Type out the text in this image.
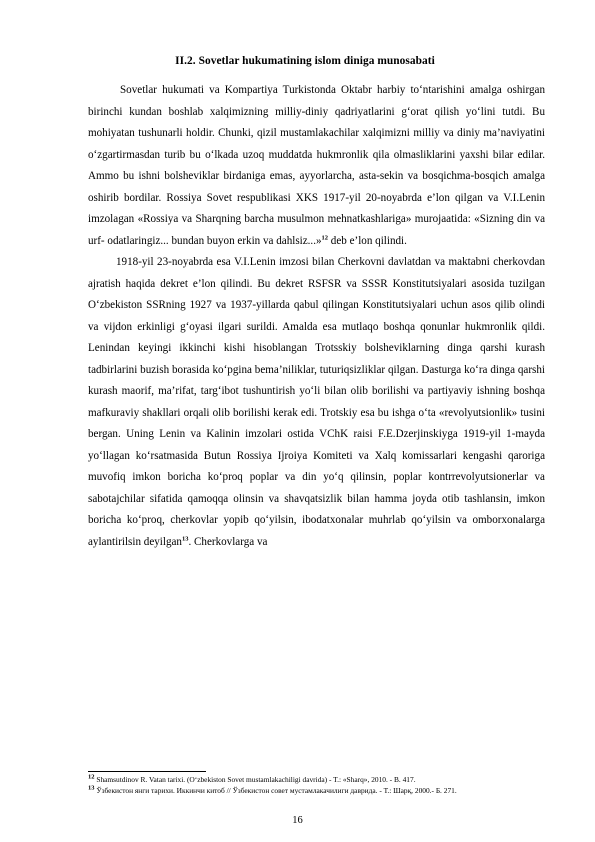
II.2. Sovetlar hukumatining islom diniga munosabati

Sovetlar hukumati va Kompartiya Turkistonda Oktabr harbiy to‘ntarishini amalga oshirgan birinchi kundan boshlab xalqimizning milliy-diniy qadriyatlarini g‘orat qilish yo‘lini tutdi. Bu mohiyatan tushunarli holdir. Chunki, qizil mustamlakachilar xalqimizni milliy va diniy ma’naviyatini o‘zgartirmasdan turib bu o‘lkada uzoq muddatda hukmronlik qila olmasliklarini yaxshi bilar edilar. Ammo bu ishni bolsheviklar birdaniga emas, ayyorlarcha, asta-sekin va bosqichma-bosqich amalga oshirib bordilar. Rossiya Sovet respublikasi XKS 1917-yil 20-noyabrda e’lon qilgan va V.I.Lenin imzolagan «Rossiya va Sharqning barcha musulmon mehnatkashlariga» murojaatida: «Sizning din va urf- odatlaringiz... bundan buyon erkin va dahlsiz...»$^{12}$ deb e’lon qilindi.

1918-yil 23-noyabrda esa V.I.Lenin imzosi bilan Cherkovni davlatdan va maktabni cherkovdan ajratish haqida dekret e’lon qilindi. Bu dekret RSFSR va SSSR Konstitutsiyalari asosida tuzilgan O‘zbekiston SSRning 1927 va 1937-yillarda qabul qilingan Konstitutsiyalari uchun asos qilib olindi va vijdon erkinligi g‘oyasi ilgari surildi. Amalda esa mutlaqo boshqa qonunlar hukmronlik qildi. Lenindan keyingi ikkinchi kishi hisoblangan Trotsskiy bolsheviklarning dinga qarshi kurash tadbirlarini buzish borasida ko‘pgina bema’niliklar, tuturiqsizliklar qilgan. Dasturga ko‘ra dinga qarshi kurash maorif, ma’rifat, targ‘ibot tushuntirish yo‘li bilan olib borilishi va partiyaviy ishning boshqa mafkuraviy shakllari orqali olib borilishi kerak edi. Trotskiy esa bu ishga o‘ta «revolyutsionlik» tusini bergan. Uning Lenin va Kalinin imzolari ostida VChK raisi F.E.Dzerjinskiyga 1919-yil 1-mayda yo‘llagan ko‘rsatmasida Butun Rossiya Ijroiya Komiteti va Xalq komissarlari kengashi qaroriga muvofiq imkon boricha ko‘proq poplar va din yo‘q qilinsin, poplar kontrrevolyutsionerlar va sabotajchilar sifatida qamoqqa olinsin va shavqatsizlik bilan hamma joyda otib tashlansin, imkon boricha ko‘proq, cherkovlar yopib qo‘yilsin, ibodatxonalar muhrlab qo‘yilsin va omborxonalarga aylantirilsin deyilgan$^{13}$. Cherkovlarga va

$^{12}$ Shamsutdinov R. Vatan tarixi. (O‘zbekiston Sovet mustamlakachiligi davrida) - T.: «Sharq», 2010. - B. 417.
$^{13}$ Ўзбекистон янги тарихи. Иккинчи китоб // Ўзбекистон совет мустамлакачилиги даврида. - Т.: Шарқ, 2000.- Б. 271.
16
